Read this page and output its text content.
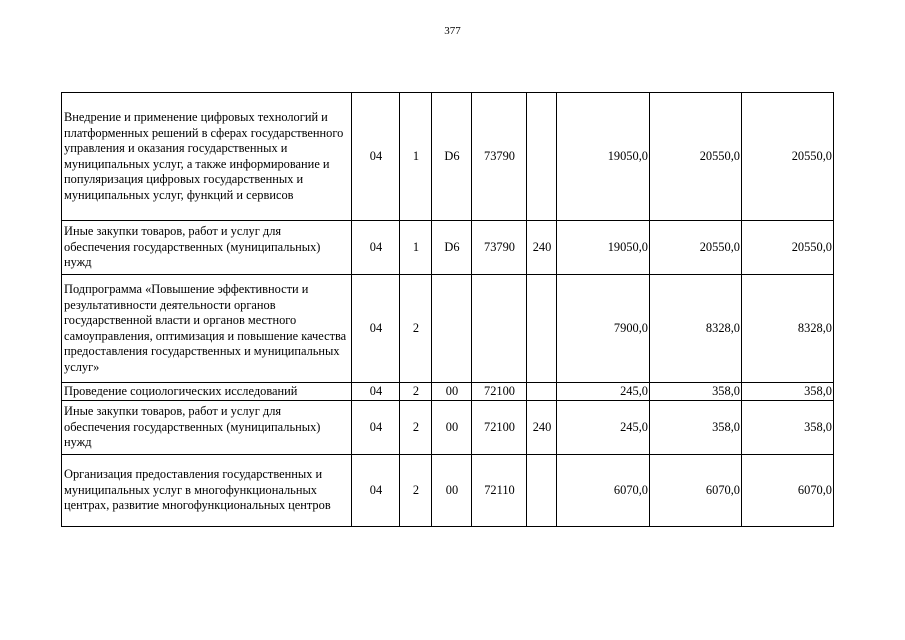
377
Внедрение и применение цифровых технологий и платформенных решений в сферах государственного управления и оказания государственных и муниципальных услуг, а также информирование и популяризация цифровых государственных и муниципальных услуг, функций и сервисов	04	1	D6	73790		19050,0	20550,0	20550,0
Иные закупки товаров, работ и услуг для обеспечения государственных (муниципальных) нужд	04	1	D6	73790	240	19050,0	20550,0	20550,0
Подпрограмма «Повышение эффективности и результативности деятельности органов государственной власти и органов местного самоуправления, оптимизация и повышение качества предоставления государственных и муниципальных услуг»	04	2				7900,0	8328,0	8328,0
Проведение социологических исследований	04	2	00	72100		245,0	358,0	358,0
Иные закупки товаров, работ и услуг для обеспечения государственных (муниципальных) нужд	04	2	00	72100	240	245,0	358,0	358,0
Организация предоставления государственных и муниципальных услуг в многофункциональных центрах, развитие многофункциональных центров	04	2	00	72110		6070,0	6070,0	6070,0
